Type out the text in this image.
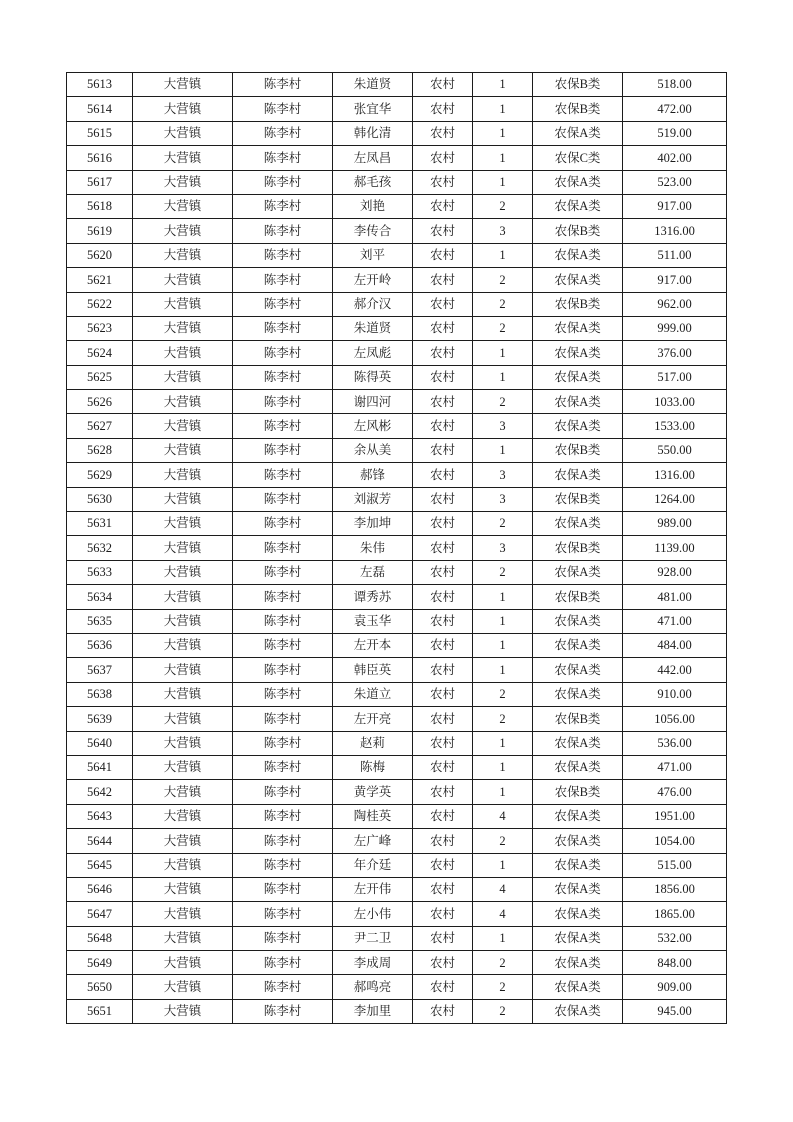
5613	大营镇	陈李村	朱道贤	农村	1	农保B类	518.00
5614	大营镇	陈李村	张宜华	农村	1	农保B类	472.00
5615	大营镇	陈李村	韩化清	农村	1	农保A类	519.00
5616	大营镇	陈李村	左凤昌	农村	1	农保C类	402.00
5617	大营镇	陈李村	郝毛孩	农村	1	农保A类	523.00
5618	大营镇	陈李村	刘艳	农村	2	农保A类	917.00
5619	大营镇	陈李村	李传合	农村	3	农保B类	1316.00
5620	大营镇	陈李村	刘平	农村	1	农保A类	511.00
5621	大营镇	陈李村	左开岭	农村	2	农保A类	917.00
5622	大营镇	陈李村	郝介汉	农村	2	农保B类	962.00
5623	大营镇	陈李村	朱道贤	农村	2	农保A类	999.00
5624	大营镇	陈李村	左凤彪	农村	1	农保A类	376.00
5625	大营镇	陈李村	陈得英	农村	1	农保A类	517.00
5626	大营镇	陈李村	谢四河	农村	2	农保A类	1033.00
5627	大营镇	陈李村	左风彬	农村	3	农保A类	1533.00
5628	大营镇	陈李村	余从美	农村	1	农保B类	550.00
5629	大营镇	陈李村	郝锋	农村	3	农保A类	1316.00
5630	大营镇	陈李村	刘淑芳	农村	3	农保B类	1264.00
5631	大营镇	陈李村	李加坤	农村	2	农保A类	989.00
5632	大营镇	陈李村	朱伟	农村	3	农保B类	1139.00
5633	大营镇	陈李村	左磊	农村	2	农保A类	928.00
5634	大营镇	陈李村	谭秀苏	农村	1	农保B类	481.00
5635	大营镇	陈李村	袁玉华	农村	1	农保A类	471.00
5636	大营镇	陈李村	左开本	农村	1	农保A类	484.00
5637	大营镇	陈李村	韩臣英	农村	1	农保A类	442.00
5638	大营镇	陈李村	朱道立	农村	2	农保A类	910.00
5639	大营镇	陈李村	左开亮	农村	2	农保B类	1056.00
5640	大营镇	陈李村	赵莉	农村	1	农保A类	536.00
5641	大营镇	陈李村	陈梅	农村	1	农保A类	471.00
5642	大营镇	陈李村	黄学英	农村	1	农保B类	476.00
5643	大营镇	陈李村	陶桂英	农村	4	农保A类	1951.00
5644	大营镇	陈李村	左广峰	农村	2	农保A类	1054.00
5645	大营镇	陈李村	年介廷	农村	1	农保A类	515.00
5646	大营镇	陈李村	左开伟	农村	4	农保A类	1856.00
5647	大营镇	陈李村	左小伟	农村	4	农保A类	1865.00
5648	大营镇	陈李村	尹二卫	农村	1	农保A类	532.00
5649	大营镇	陈李村	李成周	农村	2	农保A类	848.00
5650	大营镇	陈李村	郝鸣亮	农村	2	农保A类	909.00
5651	大营镇	陈李村	李加里	农村	2	农保A类	945.00
